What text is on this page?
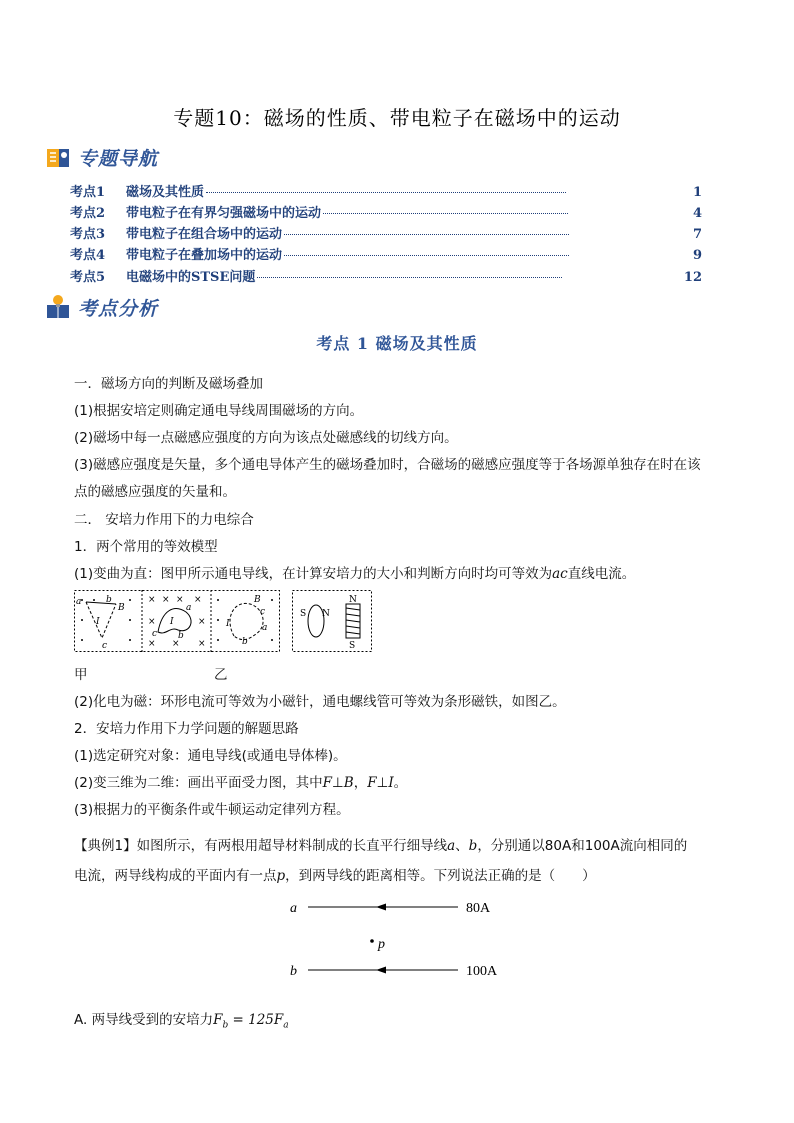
专题10：磁场的性质、带电粒子在磁场中的运动
专题导航
考点1	磁场及其性质	1
考点2	带电粒子在有界匀强磁场中的运动	4
考点3	带电粒子在组合场中的运动	7
考点4	带电粒子在叠加场中的运动	9
考点5	电磁场中的STSE问题	12
考点分析
考点 1 磁场及其性质
一．磁场方向的判断及磁场叠加
(1)根据安培定则确定通电导线周围磁场的方向。
(2)磁场中每一点磁感应强度的方向为该点处磁感线的切线方向。
(3)磁感应强度是矢量，多个通电导体产生的磁场叠加时，合磁场的磁感应强度等于各场源单独存在时在该
点的磁感应强度的矢量和。
二． 安培力作用下的力电综合
1．两个常用的等效模型
(1)变曲为直：图甲所示通电导线，在计算安培力的大小和判断方向时均可等效为ac直线电流。
a	b
B
I
c
× × × ×
×	×
× × ×
a
I
c b
B
c
a
b
I
S N
N
S
甲	乙
(2)化电为磁：环形电流可等效为小磁针，通电螺线管可等效为条形磁铁，如图乙。
2．安培力作用下力学问题的解题思路
(1)选定研究对象：通电导线(或通电导体棒)。
(2)变三维为二维：画出平面受力图，其中F⊥B，F⊥I。
(3)根据力的平衡条件或牛顿运动定律列方程。
【典例1】如图所示，有两根用超导材料制成的长直平行细导线a、b，分别通以80A和100A流向相同的
电流，两导线构成的平面内有一点p，到两导线的距离相等。下列说法正确的是（　　）
a	80A
p
b	100A
A. 两导线受到的安培力$F_b = 125F_a$
